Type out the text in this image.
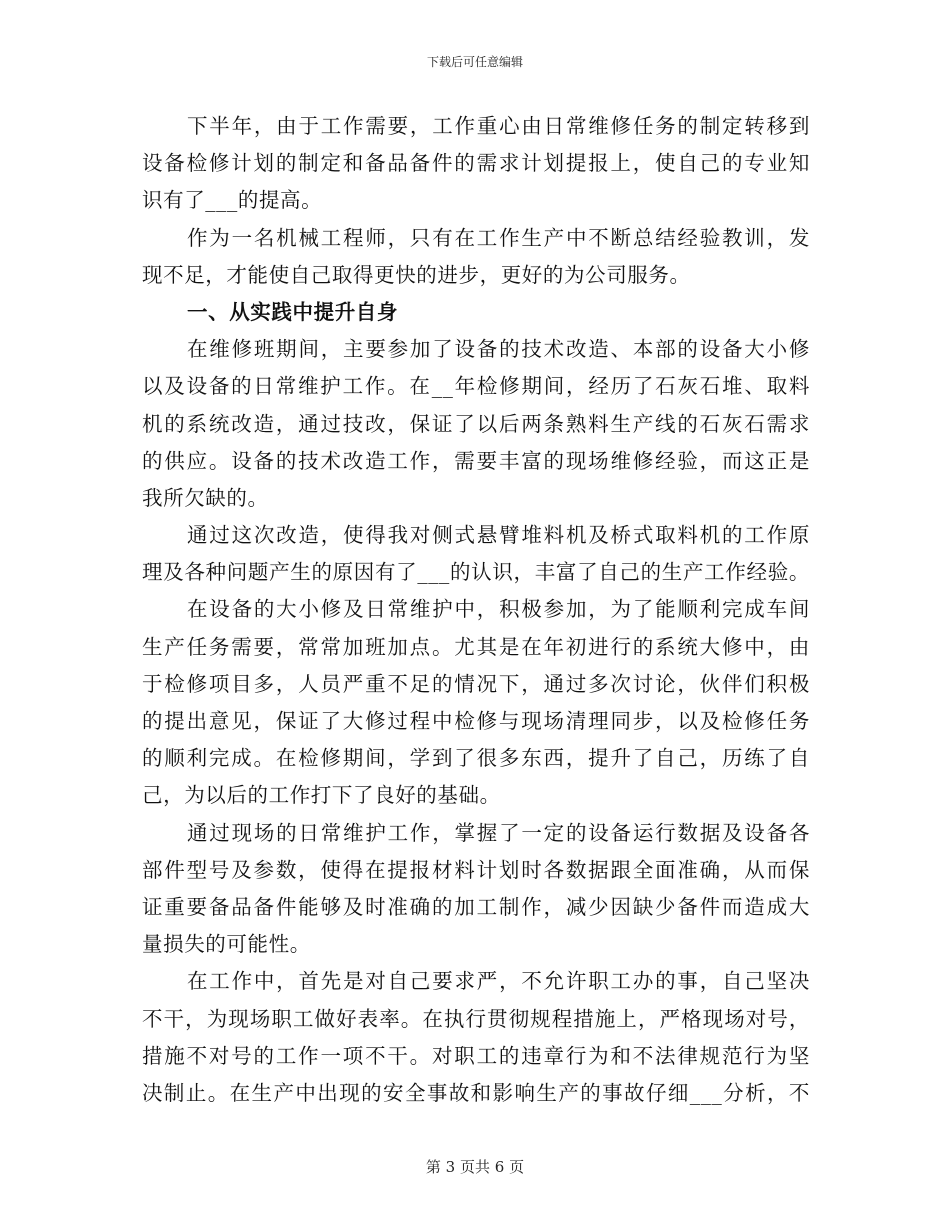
下载后可任意编辑
下半年，由于工作需要，工作重心由日常维修任务的制定转移到
设备检修计划的制定和备品备件的需求计划提报上，使自己的专业知
识有了___的提高。
作为一名机械工程师，只有在工作生产中不断总结经验教训，发
现不足，才能使自己取得更快的进步，更好的为公司服务。
一、从实践中提升自身
在维修班期间，主要参加了设备的技术改造、本部的设备大小修
以及设备的日常维护工作。在__年检修期间，经历了石灰石堆、取料
机的系统改造，通过技改，保证了以后两条熟料生产线的石灰石需求
的供应。设备的技术改造工作，需要丰富的现场维修经验，而这正是
我所欠缺的。
通过这次改造，使得我对侧式悬臂堆料机及桥式取料机的工作原
理及各种问题产生的原因有了___的认识，丰富了自己的生产工作经验。
在设备的大小修及日常维护中，积极参加，为了能顺利完成车间
生产任务需要，常常加班加点。尤其是在年初进行的系统大修中，由
于检修项目多，人员严重不足的情况下，通过多次讨论，伙伴们积极
的提出意见，保证了大修过程中检修与现场清理同步，以及检修任务
的顺利完成。在检修期间，学到了很多东西，提升了自己，历练了自
己，为以后的工作打下了良好的基础。
通过现场的日常维护工作，掌握了一定的设备运行数据及设备各
部件型号及参数，使得在提报材料计划时各数据跟全面准确，从而保
证重要备品备件能够及时准确的加工制作，减少因缺少备件而造成大
量损失的可能性。
在工作中，首先是对自己要求严，不允许职工办的事，自己坚决
不干，为现场职工做好表率。在执行贯彻规程措施上，严格现场对号，
措施不对号的工作一项不干。对职工的违章行为和不法律规范行为坚
决制止。在生产中出现的安全事故和影响生产的事故仔细___分析，不
第 3 页共 6 页
